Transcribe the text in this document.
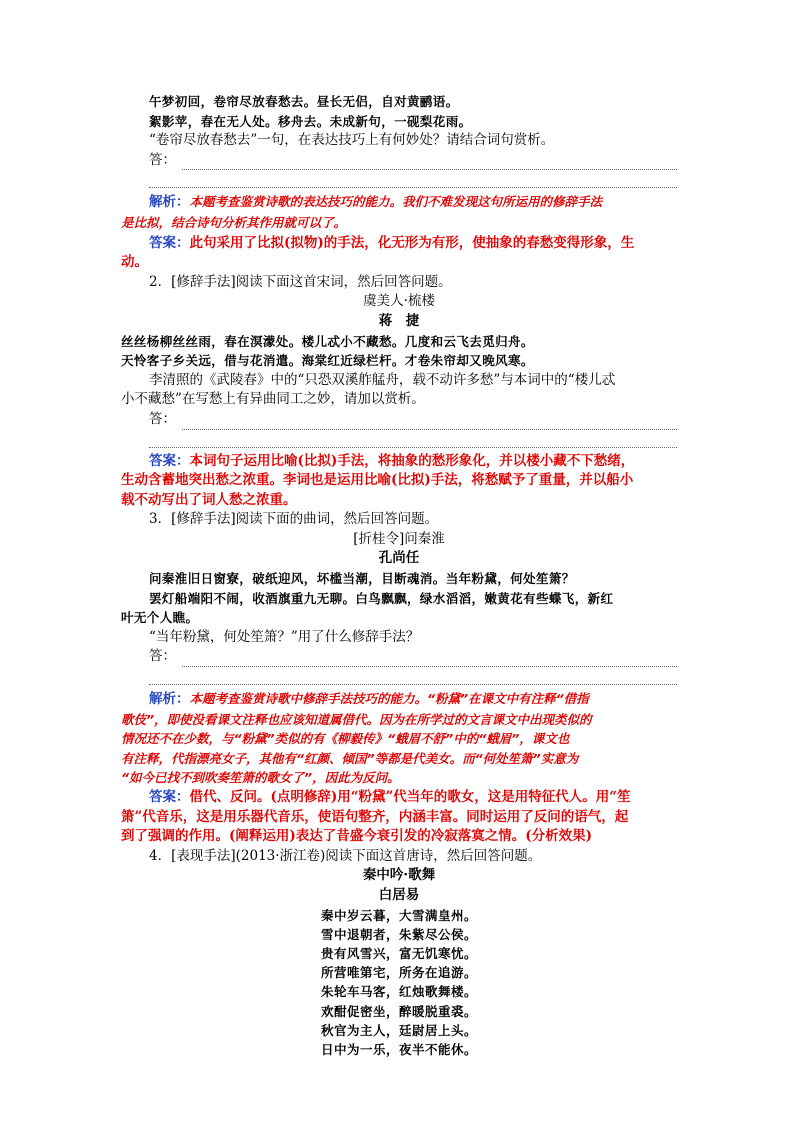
午梦初回，卷帘尽放春愁去。昼长无侣，自对黄鹂语。
絮影苹，春在无人处。移舟去。未成新句，一砚梨花雨。
“卷帘尽放春愁去”一句，在表达技巧上有何妙处？请结合词句赏析。
答：
解析：本题考查鉴赏诗歌的表达技巧的能力。我们不难发现这句所运用的修辞手法
是比拟，结合诗句分析其作用就可以了。
答案：此句采用了比拟(拟物)的手法，化无形为有形，使抽象的春愁变得形象，生
动。
2．[修辞手法]阅读下面这首宋词，然后回答问题。
虞美人·梳楼
蒋　捷
丝丝杨柳丝丝雨，春在溟濛处。楼儿忒小不藏愁。几度和云飞去觅归舟。
天怜客子乡关远，借与花消遣。海棠红近绿栏杆。才卷朱帘却又晚风寒。
李清照的《武陵春》中的“只恐双溪舴艋舟，载不动许多愁”与本词中的“楼儿忒
小不藏愁”在写愁上有异曲同工之妙，请加以赏析。
答：
答案：本词句子运用比喻(比拟)手法，将抽象的愁形象化，并以楼小藏不下愁绪，
生动含蓄地突出愁之浓重。李词也是运用比喻(比拟)手法，将愁赋予了重量，并以船小
载不动写出了词人愁之浓重。
3．[修辞手法]阅读下面的曲词，然后回答问题。
[折桂令]问秦淮
孔尚任
问秦淮旧日窗寮，破纸迎风，坏槛当潮，目断魂消。当年粉黛，何处笙箫？
罢灯船端阳不闹，收酒旗重九无聊。白鸟飘飘，绿水滔滔，嫩黄花有些蝶飞，新红
叶无个人瞧。
“当年粉黛，何处笙箫？”用了什么修辞手法？
答：
解析：本题考查鉴赏诗歌中修辞手法技巧的能力。“粉黛”在课文中有注释“借指
歌伎”，即使没看课文注释也应该知道属借代。因为在所学过的文言课文中出现类似的
情况还不在少数，与“粉黛”类似的有《柳毅传》“蛾眉不舒”中的“蛾眉”，课文也
有注释，代指漂亮女子，其他有“红颜、倾国”等都是代美女。而“何处笙箫”实意为
“如今已找不到吹奏笙箫的歌女了”，因此为反问。
答案：借代、反问。(点明修辞)用“粉黛”代当年的歌女，这是用特征代人。用“笙
箫”代音乐，这是用乐器代音乐，使语句整齐，内涵丰富。同时运用了反问的语气，起
到了强调的作用。(阐释运用)表达了昔盛今衰引发的冷寂落寞之情。(分析效果)
4．[表现手法](2013·浙江卷)阅读下面这首唐诗，然后回答问题。
秦中吟·歌舞
白居易
秦中岁云暮，大雪满皇州。
雪中退朝者，朱紫尽公侯。
贵有风雪兴，富无饥寒忧。
所营唯第宅，所务在追游。
朱轮车马客，红烛歌舞楼。
欢酣促密坐，醉暖脱重裘。
秋官为主人，廷尉居上头。
日中为一乐，夜半不能休。
